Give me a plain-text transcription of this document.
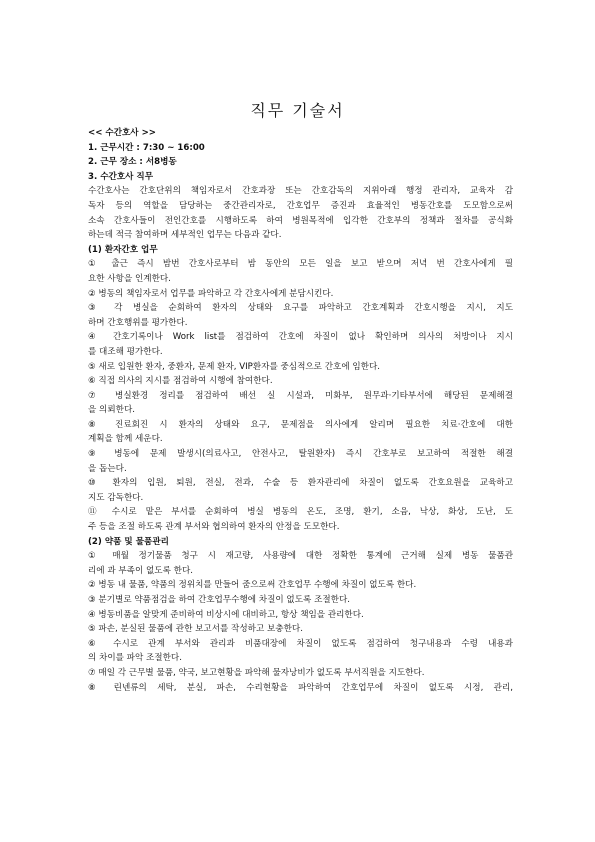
직무 기술서
<< 수간호사 >>
1. 근무시간 : 7:30 ~ 16:00
2. 근무 장소 : 서8병동
3. 수간호사 직무
수간호사는 간호단위의 책임자로서 간호과장 또는 간호감독의 지위아래 행정 관리자, 교육자 감
독자 등의 역할을 담당하는 중간관리자로, 간호업무 증진과 효율적인 병동간호를 도모함으로써
소속 간호사들이 전인간호를 시행하도록 하여 병원목적에 입각한 간호부의 정책과 절차를 공식화
하는데 적극 참여하며 세부적인 업무는 다음과 같다.
(1) 환자간호 업무
① 출근 즉시 밤번 간호사로부터 밤 동안의 모든 일을 보고 받으며 저녁 번 간호사에게 필
요한 사항을 인계한다.
② 병동의 책임자로서 업무를 파악하고 각 간호사에게 분담시킨다.
③ 각 병실을 순회하여 환자의 상태와 요구를 파악하고 간호계획과 간호시행을 지시, 지도
하며 간호행위를 평가한다.
④ 간호기록이나 Work list를 점검하여 간호에 차질이 없나 확인하며 의사의 처방이나 지시
를 대조해 평가한다.
⑤ 새로 입원한 환자, 중환자, 문제 환자, VIP환자를 중심적으로 간호에 임한다.
⑥ 직접 의사의 지시를 점검하여 시행에 참여한다.
⑦ 병실환경 정리를 점검하여 배선 실 시설과, 미화부, 원무과·기타부서에 해당된 문제해결
을 의뢰한다.
⑧ 진료회진 시 환자의 상태와 요구, 문제점을 의사에게 알리며 필요한 치료·간호에 대한
계획을 함께 세운다.
⑨ 병동에 문제 발생시(의료사고, 안전사고, 탈원환자) 즉시 간호부로 보고하여 적절한 해결
을 돕는다.
⑩ 환자의 입원, 퇴원, 전실, 전과, 수술 등 환자관리에 차질이 없도록 간호요원을 교육하고
지도 감독한다.
⑪ 수시로 맡은 부서를 순회하여 병실 병동의 온도, 조명, 환기, 소음, 낙상, 화상, 도난, 도
주 등을 조절 하도록 관계 부서와 협의하여 환자의 안정을 도모한다.
(2) 약품 및 물품관리
① 매월 정기물품 청구 시 재고량, 사용량에 대한 정확한 통계에 근거해 실제 병동 물품관
리에 과 부족이 없도록 한다.
② 병동 내 물품, 약품의 정위치를 만들어 줌으로써 간호업무 수행에 차질이 없도록 한다.
③ 분기별로 약품점검을 하여 간호업무수행에 차질이 없도록 조절한다.
④ 병동비품을 알맞게 준비하여 비상시에 대비하고, 항상 책임을 관리한다.
⑤ 파손, 분실된 물품에 관한 보고서를 작성하고 보충한다.
⑥ 수시로 관계 부서와 관리과 비품대장에 차질이 없도록 점검하여 청구내용과 수령 내용과
의 차이를 파악 조절한다.
⑦ 매일 각 근무별 물품, 약국, 보고현황을 파악해 물자낭비가 없도록 부서직원을 지도한다.
⑧ 린넨류의 세탁, 분실, 파손, 수리현황을 파악하여 간호업무에 차질이 없도록 시정, 관리,
